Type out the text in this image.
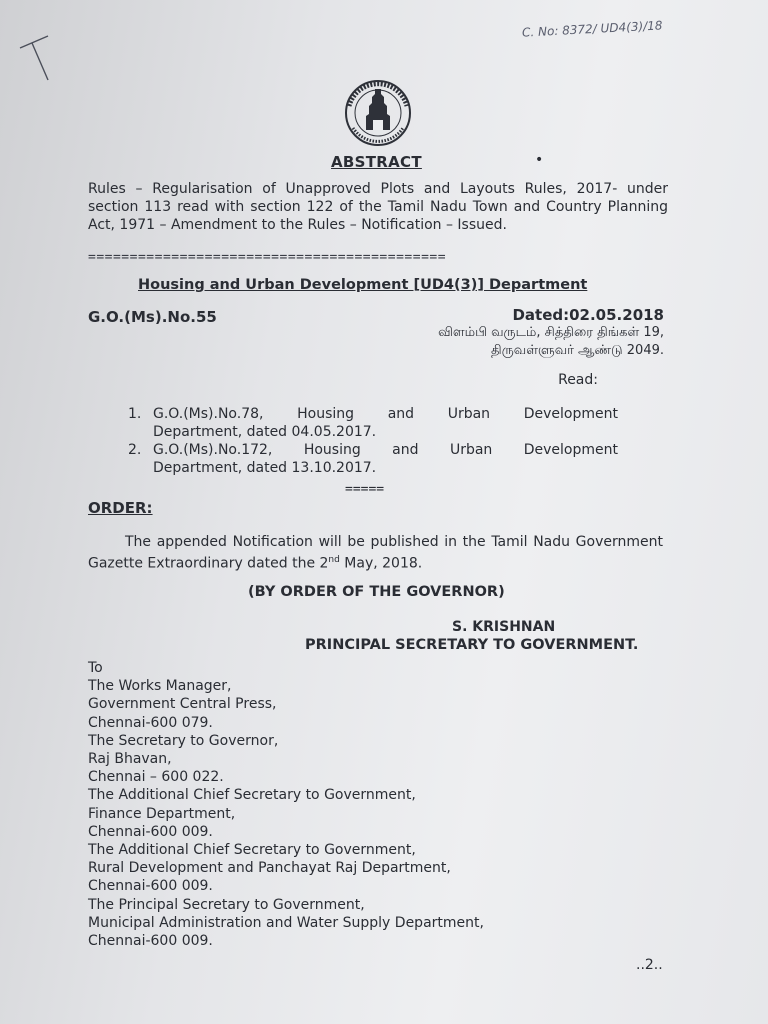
C. No: 8372/ UD4(3)/18
ABSTRACT	•
Rules – Regularisation of Unapproved Plots and Layouts Rules, 2017- under section 113 read with section 122 of the Tamil Nadu Town and Country Planning Act, 1971 – Amendment to the Rules – Notification – Issued.
===========================================
Housing and Urban Development [UD4(3)] Department
G.O.(Ms).No.55	Dated:02.05.2018
விளம்பி வருடம், சித்திரை திங்கள் 19,
திருவள்ளுவர் ஆண்டு 2049.
Read:
1. G.O.(Ms).No.78, Housing and Urban Development
Department, dated 04.05.2017.
2. G.O.(Ms).No.172, Housing and Urban Development
Department, dated 13.10.2017.
=====
ORDER:
The appended Notification will be published in the Tamil Nadu Government Gazette Extraordinary dated the 2nd May, 2018.
(BY ORDER OF THE GOVERNOR)
S. KRISHNAN
PRINCIPAL SECRETARY TO GOVERNMENT.
To
The Works Manager,
Government Central Press,
Chennai-600 079.
The Secretary to Governor,
Raj Bhavan,
Chennai – 600 022.
The Additional Chief Secretary to Government,
Finance Department,
Chennai-600 009.
The Additional Chief Secretary to Government,
Rural Development and Panchayat Raj Department,
Chennai-600 009.
The Principal Secretary to Government,
Municipal Administration and Water Supply Department,
Chennai-600 009.
..2..
